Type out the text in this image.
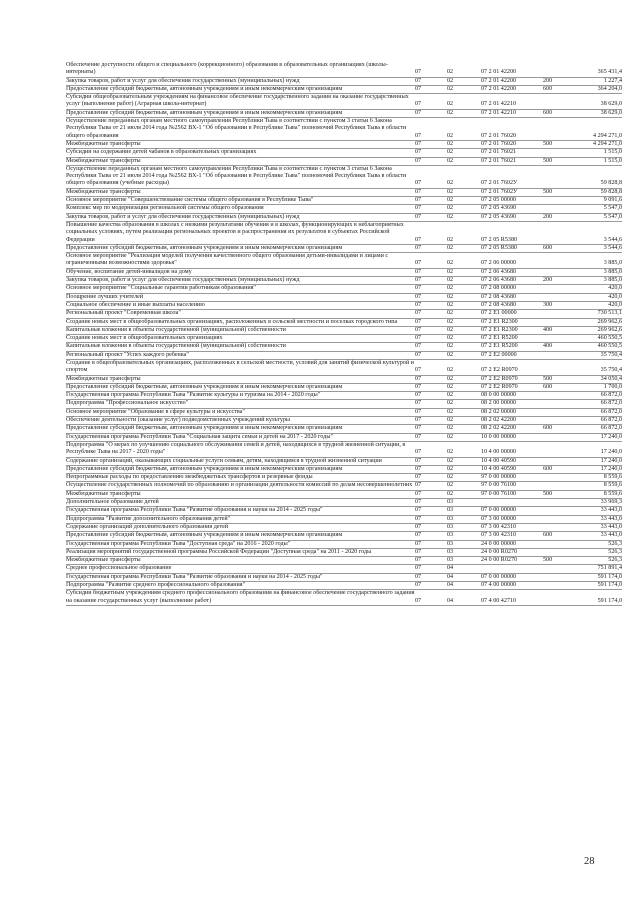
Обеспечение доступности общего и специального (коррекционного) образования в образовательных организациях (школы-интернаты)	07	02	07 2 01 42200	365 431,4
Закупка товаров, работ и услуг для обеспечения государственных (муниципальных) нужд	07	02	07 2 01 42200	200	1 227,4
Предоставление субсидий бюджетным, автономным учреждениям и иным некоммерческим организациям	07	02	07 2 01 42200	600	364 204,0
Субсидии общеобразовательным учреждениям на финансовое обеспечение государственного задания на оказание государственных услуг (выполнение работ) (Аграрная школа-интернат)	07	02	07 2 01 42210	38 629,0
Предоставление субсидий бюджетным, автономным учреждениям и иным некоммерческим организациям	07	02	07 2 01 42210	600	38 629,0
Осуществление переданных органам местного самоуправления Республики Тыва в соответствии с пунктом 3 статьи 6 Закона Республики Тыва от 21 июля 2014 года №2562 ВХ-1 "Об образовании в Республике Тыва" полномочий Республики Тыва в области общего образования	07	02	07 2 01 76020	4 294 271,0
Межбюджетные трансферты	07	02	07 2 01 76020	500	4 294 271,0
Субсидии на содержание детей чабанов в образовательных организациях	07	02	07 2 01 76021	1 515,0
Межбюджетные трансферты	07	02	07 2 01 76021	500	1 515,0
Осуществление переданных органам местного самоуправления Республики Тыва в соответствии с пунктом 3 статьи 6 Закона Республики Тыва от 21 июля 2014 года №2562 ВХ-1 "Об образовании в Республике Тыва" полномочий Республики Тыва в области общего образования (учебные расходы)	07	02	07 2 01 7602У	59 828,8
Межбюджетные трансферты	07	02	07 2 01 7602У	500	59 828,8
Основное мероприятие "Совершенствование системы общего образования в Республике Тыва"	07	02	07 2 05 00000	9 091,6
Комплекс мер по модернизации региональной системы общего образования	07	02	07 2 05 43690	5 547,0
Закупка товаров, работ и услуг для обеспечения государственных (муниципальных) нужд	07	02	07 2 05 43690	200	5 547,0
Повышение качества образования в школах с низкими результатами обучения и в школах, функционирующих в неблагоприятных социальных условиях, путем реализации региональных проектов и распространения их результатов в субъектах Российской Федерации	07	02	07 2 05 R5380	3 544,6
Предоставление субсидий бюджетным, автономным учреждениям и иным некоммерческим организациям	07	02	07 2 05 R5380	600	3 544,6
Основное мероприятие "Реализация моделей получения качественного общего образования детьми-инвалидами и лицами с ограниченными возможностями здоровья"	07	02	07 2 06 00000	3 885,0
Обучение, воспитание детей-инвалидов на дому	07	02	07 2 06 43680	3 885,0
Закупка товаров, работ и услуг для обеспечения государственных (муниципальных) нужд	07	02	07 2 06 43680	200	3 885,0
Основное мероприятие "Социальные гарантии работникам образования"	07	02	07 2 08 00000	420,0
Поощрение лучших учителей	07	02	07 2 08 43680	420,0
Социальное обеспечение и иные выплаты населению	07	02	07 2 08 43680	300	420,0
Региональный проект "Современная школа"	07	02	07 2 E1 00000	730 513,1
Создание новых мест в общеобразовательных организациях, расположенных в сельской местности и поселках городского типа	07	02	07 2 E1 R2300	269 962,6
Капитальные вложения в объекты государственной (муниципальной) собственности	07	02	07 2 E1 R2300	400	269 962,6
Создание новых мест в общеобразовательных организациях	07	02	07 2 E1 R5200	460 550,5
Капитальные вложения в объекты государственной (муниципальной) собственности	07	02	07 2 E1 R5200	400	460 550,5
Региональный проект "Успех каждого ребенка"	07	02	07 2 E2 00000	35 750,4
Создание в общеобразовательных организациях, расположенных в сельской местности, условий для занятий физической культурой и спортом	07	02	07 2 E2 R0970	35 750,4
Межбюджетные трансферты	07	02	07 2 E2 R0970	500	34 050,4
Предоставление субсидий бюджетным, автономным учреждениям и иным некоммерческим организациям	07	02	07 2 E2 R0970	600	1 700,0
Государственная программа Республики Тыва "Развитие культуры и туризма на 2014 - 2020 годы"	07	02	08 0 00 00000	66 872,0
Подпрограмма "Профессиональное искусство"	07	02	08 2 00 00000	66 872,0
Основное мероприятие "Образование в сфере культуры и искусства"	07	02	08 2 02 00000	66 872,0
Обеспечение деятельности (оказание услуг) подведомственных учреждений культуры	07	02	08 2 02 42200	66 872,0
Предоставление субсидий бюджетным, автономным учреждениям и иным некоммерческим организациям	07	02	08 2 02 42200	600	66 872,0
Государственная программа Республики Тыва "Социальная защита семьи и детей на 2017 - 2020 годы"	07	02	10 0 00 00000	17 240,0
Подпрограмма "О мерах по улучшению социального обслуживания семей и детей, находящихся в трудной жизненной ситуации, в Республике Тыва на 2017 - 2020 годы"	07	02	10 4 00 00000	17 240,0
Содержание организаций, оказывающих социальные услуги семьям, детям, находящимся в трудной жизненной ситуации	07	02	10 4 00 40590	17 240,0
Предоставление субсидий бюджетным, автономным учреждениям и иным некоммерческим организациям	07	02	10 4 00 40590	600	17 240,0
Непрограммные расходы по предоставлению межбюджетных трансфертов и резервные фонды	07	02	97 0 00 00000	8 559,6
Осуществление государственных полномочий по образованию и организации деятельности комиссий по делам несовершеннолетних 07	02	97 0 00 76100	8 559,6
Межбюджетные трансферты	07	02	97 0 00 76100	500	8 559,6
Дополнительное образование детей	07	03	33 969,3
Государственная программа Республики Тыва "Развитие образования и науки на 2014 - 2025 годы"	07	03	07 0 00 00000	33 443,0
Подпрограмма "Развитие дополнительного образования детей"	07	03	07 3 00 00000	33 443,0
Содержание организаций дополнительного образования детей	07	03	07 3 00 42310	33 443,0
Предоставление субсидий бюджетным, автономным учреждениям и иным некоммерческим организациям	07	03	07 3 00 42310	600	33 443,0
Государственная программа Республики Тыва "Доступная среда" на 2016 - 2020 годы"	07	03	24 0 00 00000	526,3
Реализация мероприятий государственной программы Российской Федерации "Доступная среда" на 2011 - 2020 годы	07	03	24 0 00 R0270	526,3
Межбюджетные трансферты	07	03	24 0 00 R0270	500	526,3
Среднее профессиональное образование	07	04	751 891,4
Государственная программа Республики Тыва "Развитие образования и науки на 2014 - 2025 годы"	07	04	07 0 00 00000	591 174,0
Подпрограмма "Развитие среднего профессионального образования"	07	04	07 4 00 00000	591 174,0
Субсидии бюджетным учреждениям среднего профессионального образования на финансовое обеспечение государственного задания на оказание государственных услуг (выполнение работ)	07	04	07 4 00 42710	591 174,0
28
